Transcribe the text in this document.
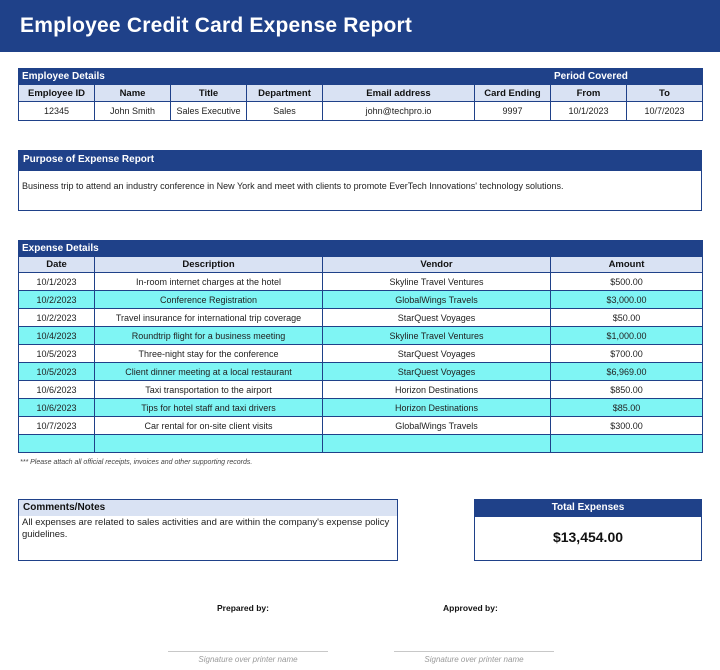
Employee Credit Card Expense Report
Employee Details						Period Covered	
Employee ID	Name	Title	Department	Email address	Card Ending	From	To
12345	John Smith	Sales Executive	Sales	john@techpro.io	9997	10/1/2023	10/7/2023
Purpose of Expense Report
Business trip to attend an industry conference in New York and meet with clients to promote EverTech Innovations' technology solutions.
Expense Details			
Date	Description	Vendor	Amount
10/1/2023	In-room internet charges at the hotel	Skyline Travel Ventures	$500.00
10/2/2023	Conference Registration	GlobalWings Travels	$3,000.00
10/2/2023	Travel insurance for international trip coverage	StarQuest Voyages	$50.00
10/4/2023	Roundtrip flight for a business meeting	Skyline Travel Ventures	$1,000.00
10/5/2023	Three-night stay for the conference	StarQuest Voyages	$700.00
10/5/2023	Client dinner meeting at a local restaurant	StarQuest Voyages	$6,969.00
10/6/2023	Taxi transportation to the airport	Horizon Destinations	$850.00
10/6/2023	Tips for hotel staff and taxi drivers	Horizon Destinations	$85.00
10/7/2023	Car rental for on-site client visits	GlobalWings Travels	$300.00

*** Please attach all official receipts, invoices and other supporting records.
Comments/Notes
All expenses are related to sales activities and are within the company's expense policy guidelines.
Total Expenses
$13,454.00
Prepared by:	Approved by:
Signature over printer name	Signature over printer name
